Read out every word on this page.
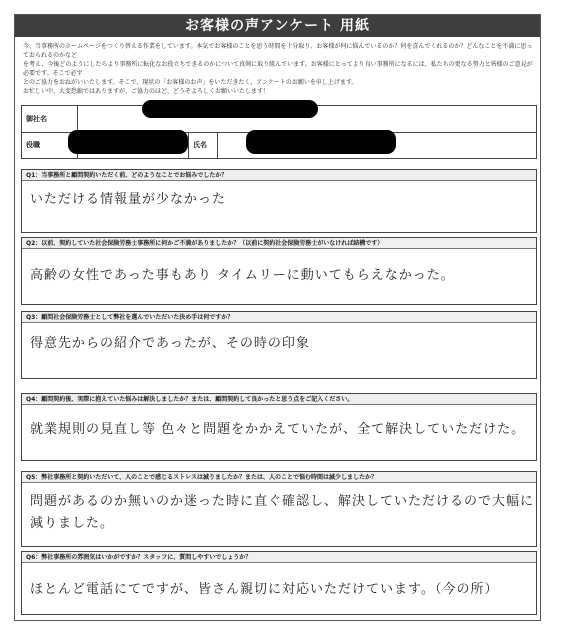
お客様の声アンケート 用紙
今、当事務所のホームページをつくり替える作業をしています。本気でお客様のことを思う時間を十分取り、お客様が何に悩んでいるのか？何を喜んでくれるのか？どんなことを不満に思っておられるのかなど
を考え、今後どのようにしたらより事務所に転化なお役立ちできるのかについて真剣に取り組んでいます。お客様にとってより良い事務所になるには、私たちの更なる努力と皆様のご意見が必要です。そこで必ず
とのご協力をおねがいいたします。そこで、現状の「お客様のお声」をいただきたく、アンケートのお願いを申し上げます。
お忙しい中、大変恐縮ではありますが、ご協力のほど、どうぞよろしくお願いいたします！
御社名
役職	氏名
Q1：当事務所と顧問契約いただく前、どのようなことでお悩みでしたか？
いただける情報量が少なかった
Q2：以前、契約していた社会保険労務士事務所に何かご不満がありましたか？（以前に契約社会保険労務士がいなければ結構です）
高齢の女性であった事もあり タイムリーに動いてもらえなかった。
Q3：顧問社会保険労務士として弊社を選んでいただいた決め手は何ですか？
得意先からの紹介であったが、その時の印象
Q4：顧問契約後、実際に抱えていた悩みは解決しましたか？または、顧問契約して良かったと思う点をご記入ください。
就業規則の見直し等 色々と問題をかかえていたが、全て解決していただけた。
Q5：弊社事務所と契約いただいて、人のことで感じるストレスは減りましたか？または、人のことで悩む時間は減少しましたか？
問題があるのか無いのか迷った時に直ぐ確認し、解決していただけるので大幅に
減りました。
Q6：弊社事務所の雰囲気はいかがですか？スタッフに、質問しやすいでしょうか？
ほとんど電話にてですが、皆さん親切に対応いただけています。（今の所）
